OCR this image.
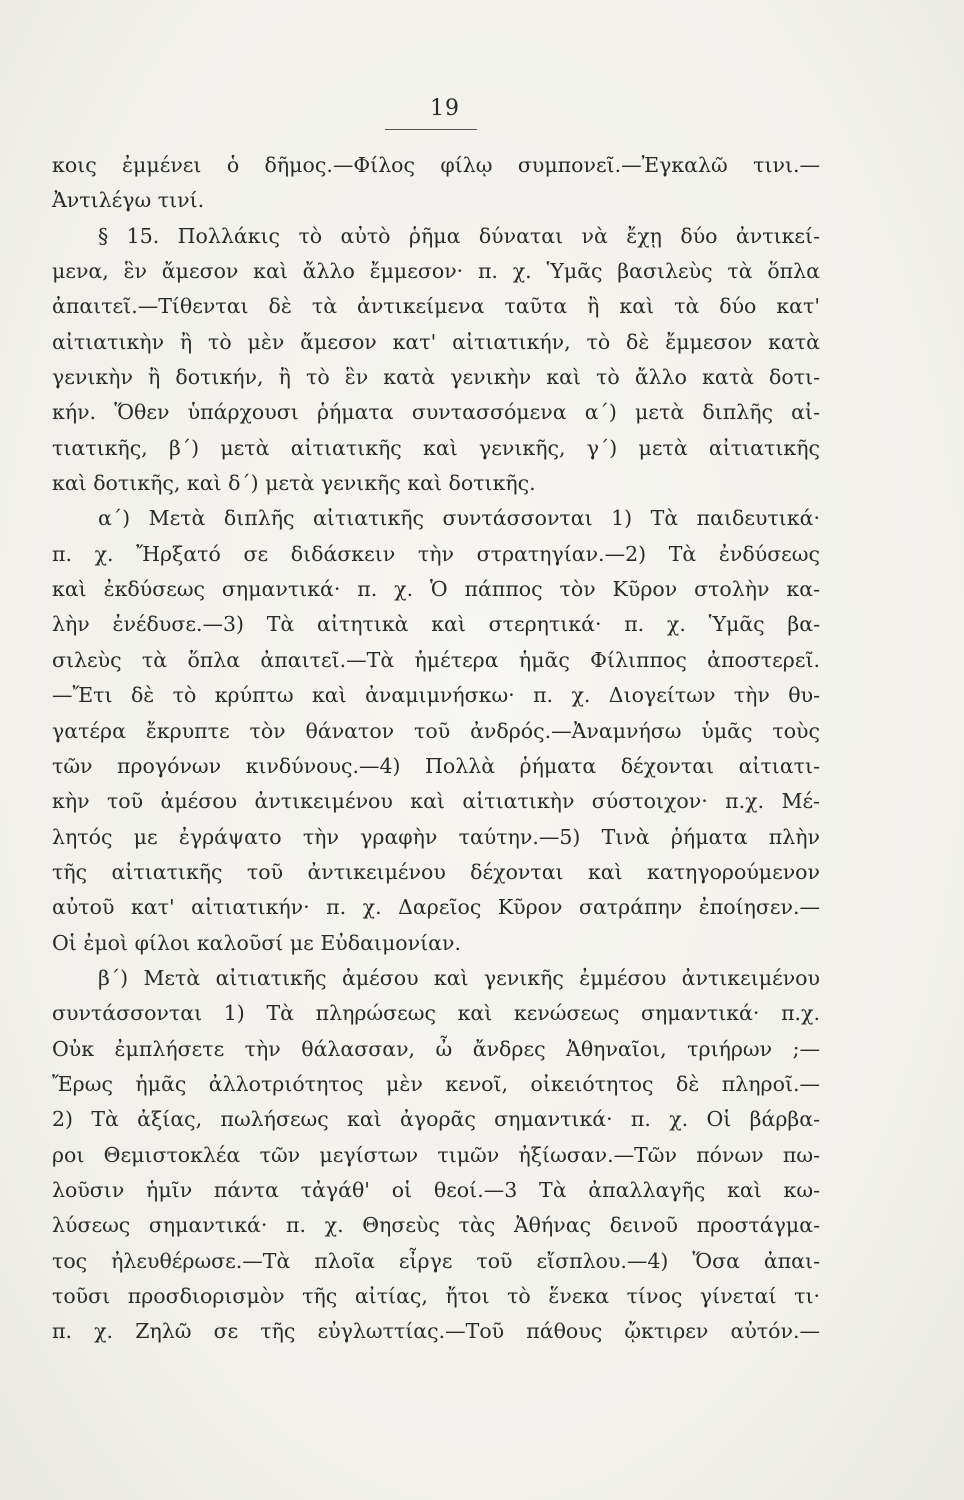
19
κοις ἐμμένει ὁ δῆμος.—Φίλος φίλῳ συμπονεῖ.—Ἐγκαλῶ τινι.—
Ἀντιλέγω τινί.
§ 15. Πολλάκις τὸ αὐτὸ ῥῆμα δύναται νὰ ἔχῃ δύο ἀντικεί-
μενα, ἓν ἄμεσον καὶ ἄλλο ἔμμεσον· π. χ. Ὑμᾶς βασιλεὺς τὰ ὅπλα
ἀπαιτεῖ.—Τίθενται δὲ τὰ ἀντικείμενα ταῦτα ἢ καὶ τὰ δύο κατ'
αἰτιατικὴν ἢ τὸ μὲν ἄμεσον κατ' αἰτιατικήν, τὸ δὲ ἔμμεσον κατὰ
γενικὴν ἢ δοτικήν, ἢ τὸ ἓν κατὰ γενικὴν καὶ τὸ ἄλλο κατὰ δοτι-
κήν. Ὅθεν ὑπάρχουσι ῥήματα συντασσόμενα α΄) μετὰ διπλῆς αἰ-
τιατικῆς, β΄) μετὰ αἰτιατικῆς καὶ γενικῆς, γ΄) μετὰ αἰτιατικῆς
καὶ δοτικῆς, καὶ δ΄) μετὰ γενικῆς καὶ δοτικῆς.
α΄) Μετὰ διπλῆς αἰτιατικῆς συντάσσονται 1) Τὰ παιδευτικά·
π. χ. Ἤρξατό σε διδάσκειν τὴν στρατηγίαν.—2) Τὰ ἐνδύσεως
καὶ ἐκδύσεως σημαντικά· π. χ. Ὁ πάππος τὸν Κῦρον στολὴν κα-
λὴν ἐνέδυσε.—3) Τὰ αἰτητικὰ καὶ στερητικά· π. χ. Ὑμᾶς βα-
σιλεὺς τὰ ὅπλα ἀπαιτεῖ.—Τὰ ἡμέτερα ἡμᾶς Φίλιππος ἀποστερεῖ.
—Ἔτι δὲ τὸ κρύπτω καὶ ἀναμιμνήσκω· π. χ. Διογείτων τὴν θυ-
γατέρα ἔκρυπτε τὸν θάνατον τοῦ ἀνδρός.—Ἀναμνήσω ὑμᾶς τοὺς
τῶν προγόνων κινδύνους.—4) Πολλὰ ῥήματα δέχονται αἰτιατι-
κὴν τοῦ ἀμέσου ἀντικειμένου καὶ αἰτιατικὴν σύστοιχον· π.χ. Μέ-
λητός με ἐγράψατο τὴν γραφὴν ταύτην.—5) Τινὰ ῥήματα πλὴν
τῆς αἰτιατικῆς τοῦ ἀντικειμένου δέχονται καὶ κατηγορούμενον
αὐτοῦ κατ' αἰτιατικήν· π. χ. Δαρεῖος Κῦρον σατράπην ἐποίησεν.—
Οἱ ἐμοὶ φίλοι καλοῦσί με Εὐδαιμονίαν.
β΄) Μετὰ αἰτιατικῆς ἀμέσου καὶ γενικῆς ἐμμέσου ἀντικειμένου
συντάσσονται 1) Τὰ πληρώσεως καὶ κενώσεως σημαντικά· π.χ.
Οὐκ ἐμπλήσετε τὴν θάλασσαν, ὦ ἄνδρες Ἀθηναῖοι, τριήρων ;—
Ἔρως ἡμᾶς ἀλλοτριότητος μὲν κενοῖ, οἰκειότητος δὲ πληροῖ.—
2) Τὰ ἀξίας, πωλήσεως καὶ ἀγορᾶς σημαντικά· π. χ. Οἱ βάρβα-
ροι Θεμιστοκλέα τῶν μεγίστων τιμῶν ἠξίωσαν.—Τῶν πόνων πω-
λοῦσιν ἡμῖν πάντα τἀγάθ' οἱ θεοί.—3 Τὰ ἀπαλλαγῆς καὶ κω-
λύσεως σημαντικά· π. χ. Θησεὺς τὰς Ἀθήνας δεινοῦ προστάγμα-
τος ἠλευθέρωσε.—Τὰ πλοῖα εἶργε τοῦ εἴσπλου.—4) Ὅσα ἀπαι-
τοῦσι προσδιορισμὸν τῆς αἰτίας, ἤτοι τὸ ἕνεκα τίνος γίνεταί τι·
π. χ. Ζηλῶ σε τῆς εὐγλωττίας.—Τοῦ πάθους ᾤκτιρεν αὐτόν.—
